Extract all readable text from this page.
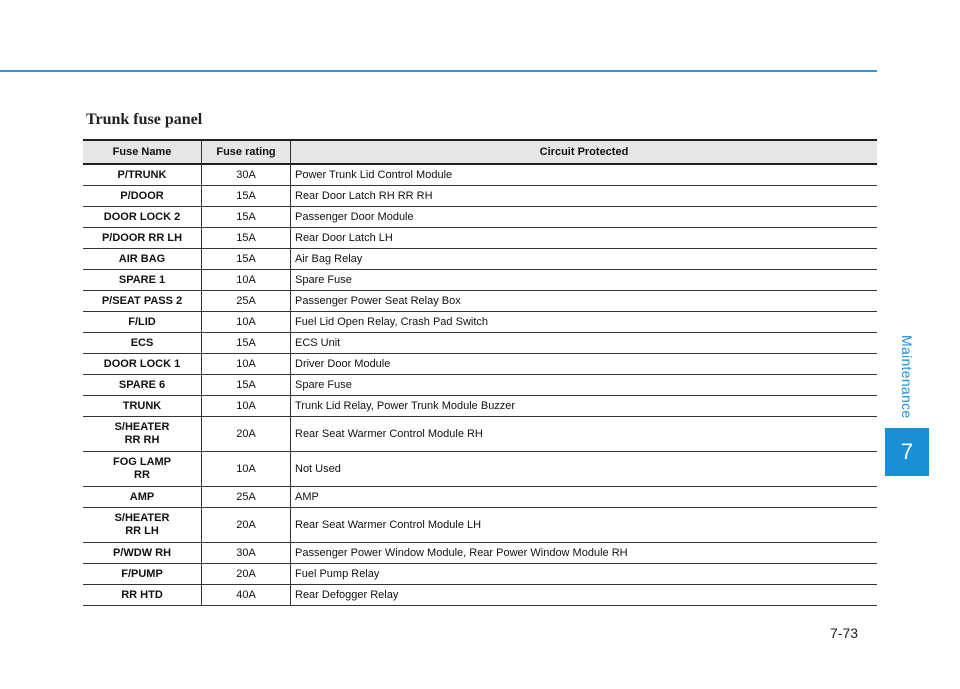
Trunk fuse panel
Fuse Name	Fuse rating	Circuit Protected
P/TRUNK	30A	Power Trunk Lid Control Module
P/DOOR	15A	Rear Door Latch RH RR RH
DOOR LOCK 2	15A	Passenger Door Module
P/DOOR RR LH	15A	Rear Door Latch LH
AIR BAG	15A	Air Bag Relay
SPARE 1	10A	Spare Fuse
P/SEAT PASS 2	25A	Passenger Power Seat Relay Box
F/LID	10A	Fuel Lid Open Relay, Crash Pad Switch
ECS	15A	ECS Unit
DOOR LOCK 1	10A	Driver Door Module
SPARE 6	15A	Spare Fuse
TRUNK	10A	Trunk Lid Relay, Power Trunk Module Buzzer
S/HEATER
RR RH	20A	Rear Seat Warmer Control Module RH
FOG LAMP
RR	10A	Not Used
AMP	25A	AMP
S/HEATER
RR LH	20A	Rear Seat Warmer Control Module LH
P/WDW RH	30A	Passenger Power Window Module, Rear Power Window Module RH
F/PUMP	20A	Fuel Pump Relay
RR HTD	40A	Rear Defogger Relay
Maintenance
7
7-73
